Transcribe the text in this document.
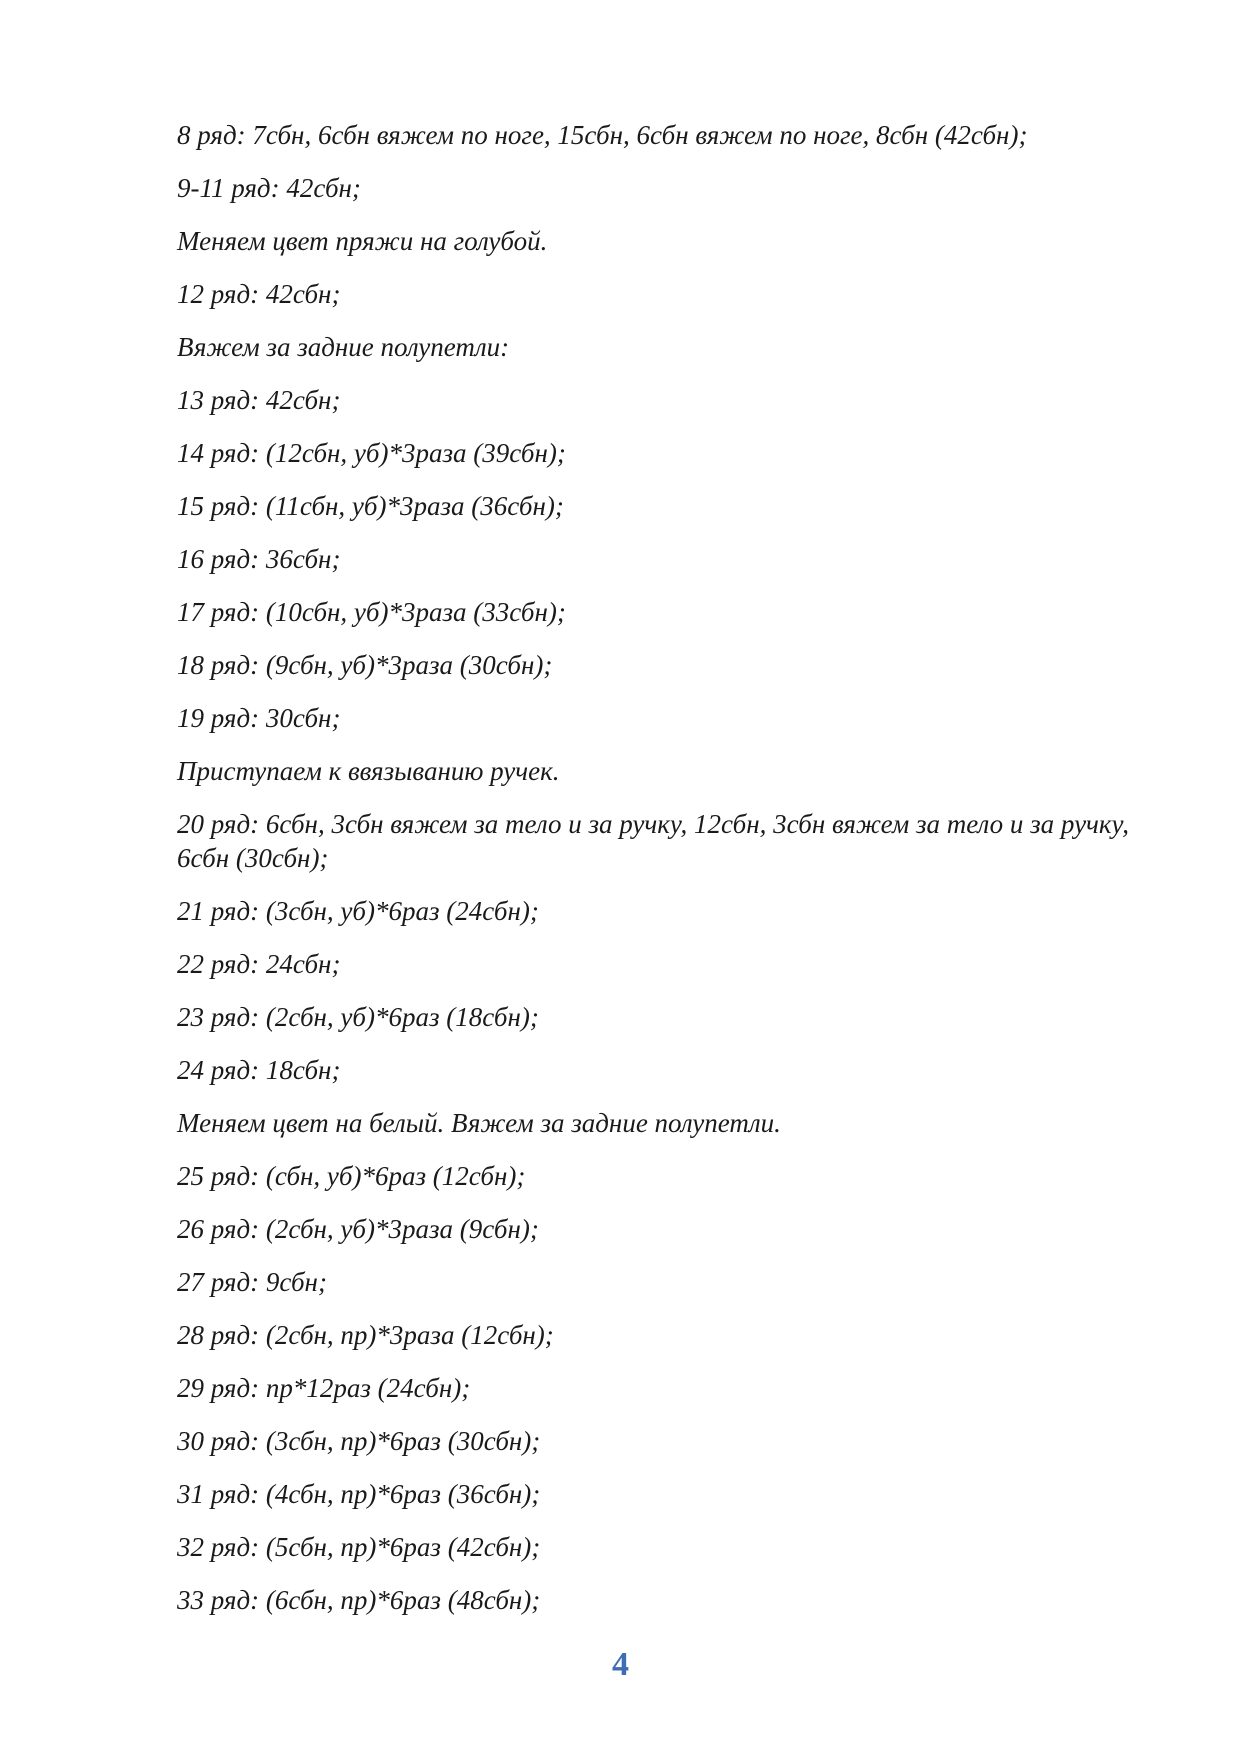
8 ряд: 7сбн, 6сбн вяжем по ноге, 15сбн, 6сбн вяжем по ноге, 8сбн (42сбн);

9-11 ряд: 42сбн;

Меняем цвет пряжи на голубой.

12 ряд: 42сбн;

Вяжем за задние полупетли:

13 ряд: 42сбн;

14 ряд: (12сбн, уб)*3раза (39сбн);

15 ряд: (11сбн, уб)*3раза (36сбн);

16 ряд: 36сбн;

17 ряд: (10сбн, уб)*3раза (33сбн);

18 ряд: (9сбн, уб)*3раза (30сбн);

19 ряд: 30сбн;

Приступаем к ввязыванию ручек.

20 ряд: 6сбн, 3сбн вяжем за тело и за ручку, 12сбн, 3сбн вяжем за тело и за ручку, 6сбн (30сбн);

21 ряд: (3сбн, уб)*6раз (24сбн);

22 ряд: 24сбн;

23 ряд: (2сбн, уб)*6раз (18сбн);

24 ряд: 18сбн;

Меняем цвет на белый. Вяжем за задние полупетли.

25 ряд: (сбн, уб)*6раз (12сбн);

26 ряд: (2сбн, уб)*3раза (9сбн);

27 ряд: 9сбн;

28 ряд: (2сбн, пр)*3раза (12сбн);

29 ряд: пр*12раз (24сбн);

30 ряд: (3сбн, пр)*6раз (30сбн);

31 ряд: (4сбн, пр)*6раз (36сбн);

32 ряд: (5сбн, пр)*6раз (42сбн);

33 ряд: (6сбн, пр)*6раз (48сбн);

4
